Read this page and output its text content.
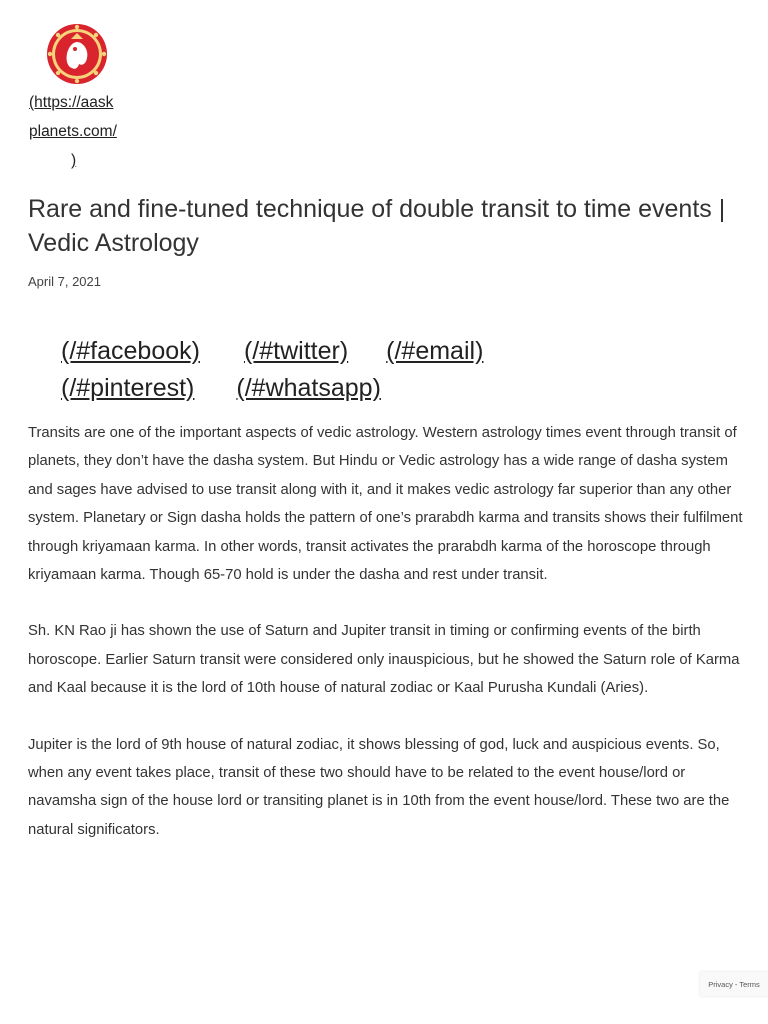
(https://aask
planets.com/
)
Rare and fine-tuned technique of double transit to time events | Vedic Astrology
April 7, 2021
(/#facebook) (/#twitter) (/#email)
(/#pinterest) (/#whatsapp)

Transits are one of the important aspects of vedic astrology. Western astrology times event through transit of planets, they don’t have the dasha system. But Hindu or Vedic astrology has a wide range of dasha system and sages have advised to use transit along with it, and it makes vedic astrology far superior than any other system. Planetary or Sign dasha holds the pattern of one’s prarabdh karma and transits shows their fulfilment through kriyamaan karma. In other words, transit activates the prarabdh karma of the horoscope through kriyamaan karma. Though 65-70 hold is under the dasha and rest under transit.

Sh. KN Rao ji has shown the use of Saturn and Jupiter transit in timing or confirming events of the birth horoscope. Earlier Saturn transit were considered only inauspicious, but he showed the Saturn role of Karma and Kaal because it is the lord of 10th house of natural zodiac or Kaal Purusha Kundali (Aries).

Jupiter is the lord of 9th house of natural zodiac, it shows blessing of god, luck and auspicious events. So, when any event takes place, transit of these two should have to be related to the event house/lord or navamsha sign of the house lord or transiting planet is in 10th from the event house/lord. These two are the natural significators.

Privacy - Terms
